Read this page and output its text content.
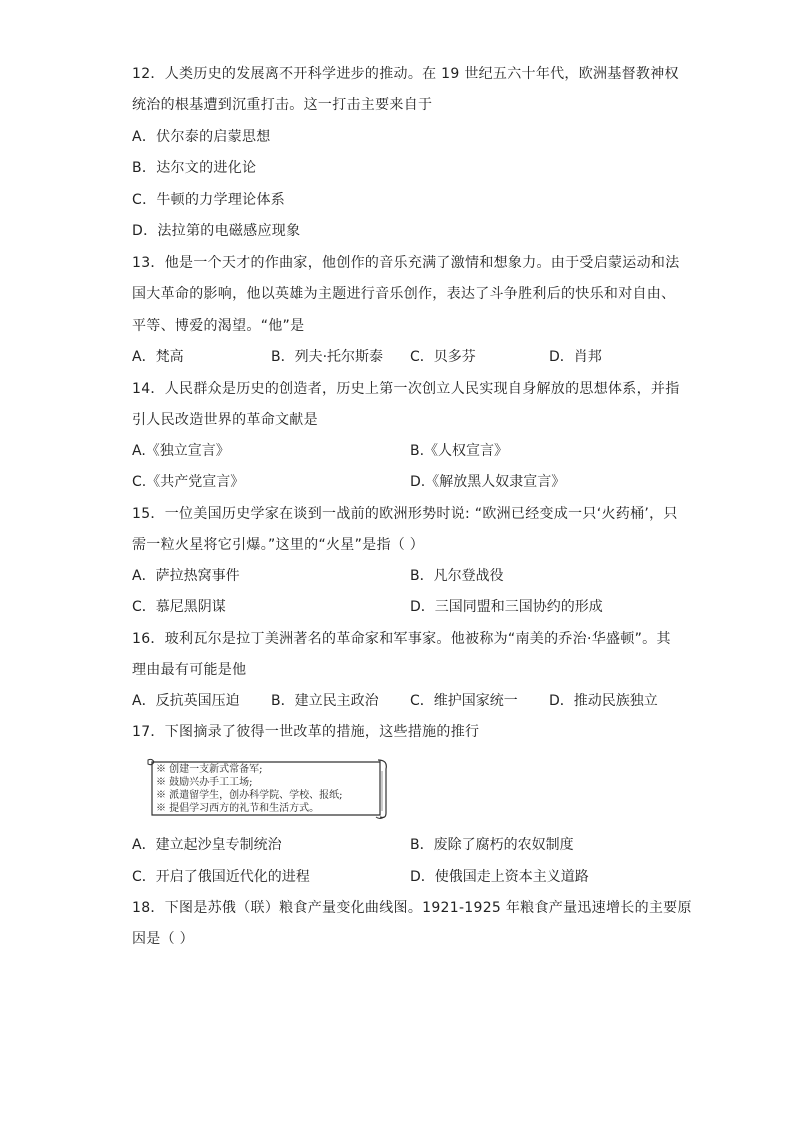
12．人类历史的发展离不开科学进步的推动。在 19 世纪五六十年代，欧洲基督教神权
统治的根基遭到沉重打击。这一打击主要来自于
A．伏尔泰的启蒙思想
B．达尔文的进化论
C．牛顿的力学理论体系
D．法拉第的电磁感应现象
13．他是一个天才的作曲家，他创作的音乐充满了激情和想象力。由于受启蒙运动和法
国大革命的影响，他以英雄为主题进行音乐创作，表达了斗争胜利后的快乐和对自由、
平等、博爱的渴望。“他”是
A．梵高	B．列夫·托尔斯泰 C．贝多芬	D．肖邦
14．人民群众是历史的创造者，历史上第一次创立人民实现自身解放的思想体系，并指
引人民改造世界的革命文献是
A.《独立宣言》	B.《人权宣言》
C.《共产党宣言》	D.《解放黑人奴隶宣言》
15．一位美国历史学家在谈到一战前的欧洲形势时说: “欧洲已经变成一只‘火药桶’，只
需一粒火星将它引爆。”这里的“火星”是指（ ）
A．萨拉热窝事件	B．凡尔登战役
C．慕尼黑阴谋	D．三国同盟和三国协约的形成
16．玻利瓦尔是拉丁美洲著名的革命家和军事家。他被称为“南美的乔治·华盛顿”。其
理由最有可能是他
A．反抗英国压迫 B．建立民主政治 C．维护国家统一 D．推动民族独立
17．下图摘录了彼得一世改革的措施，这些措施的推行
※ 创建一支新式常备军;
※ 鼓励兴办手工工场;
※ 派遣留学生，创办科学院、学校、报纸;
※ 提倡学习西方的礼节和生活方式。
A．建立起沙皇专制统治	B．废除了腐朽的农奴制度
C．开启了俄国近代化的进程	D．使俄国走上资本主义道路
18．下图是苏俄（联）粮食产量变化曲线图。1921-1925 年粮食产量迅速增长的主要原
因是（ ）
